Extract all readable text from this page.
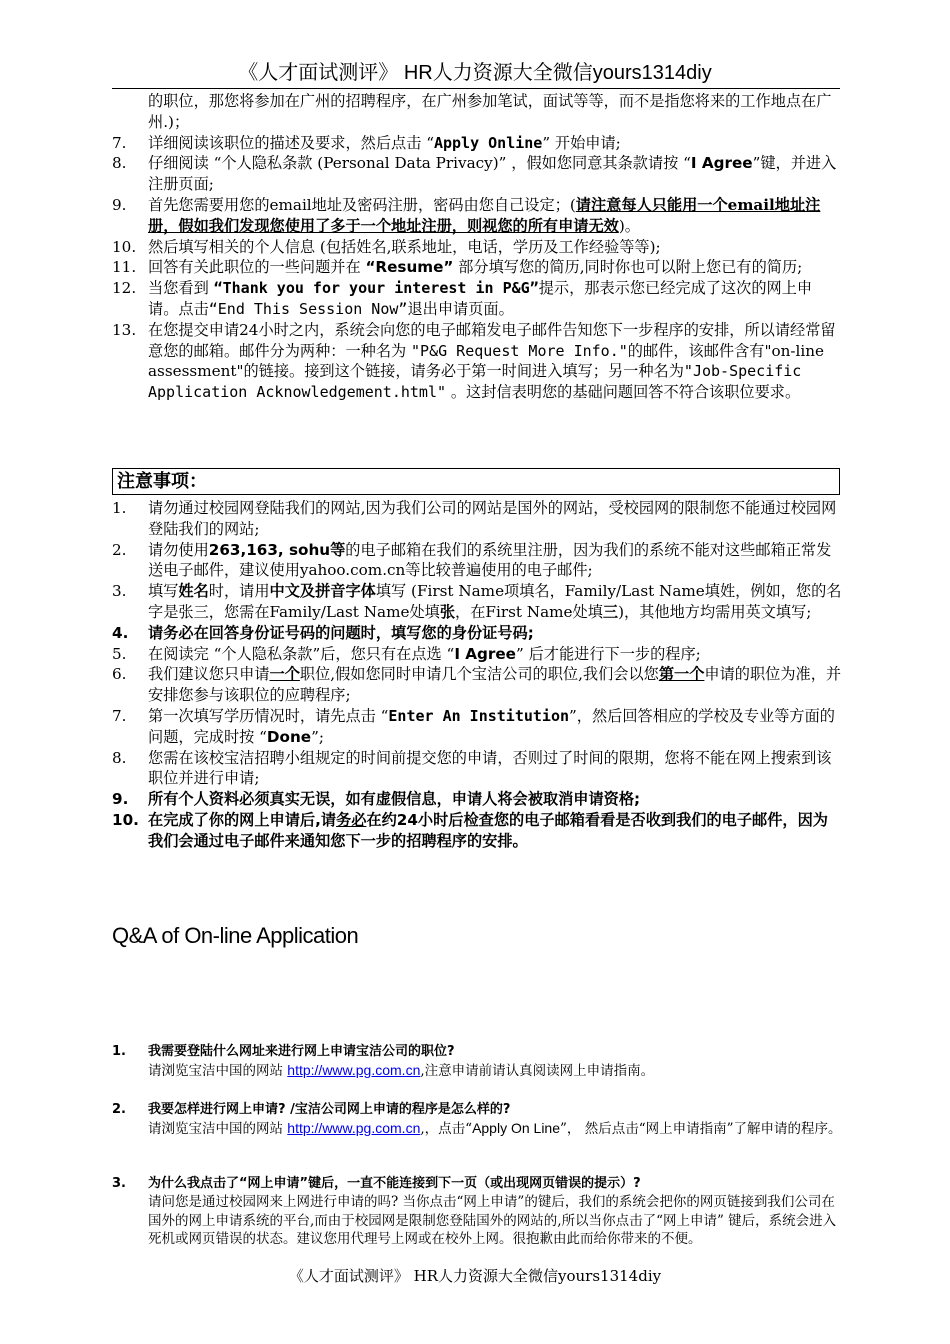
《人才面试测评》 HR人力资源大全微信yours1314diy
的职位，那您将参加在广州的招聘程序，在广州参加笔试，面试等等，而不是指您将来的工作地点在广州.)；
7. 详细阅读该职位的描述及要求，然后点击 “Apply Online” 开始申请;
8. 仔细阅读 “个人隐私条款 (Personal Data Privacy)” ，假如您同意其条款请按 “I Agree”键，并进入注册页面;
9. 首先您需要用您的email地址及密码注册，密码由您自己设定；(请注意每人只能用一个email地址注册，假如我们发现您使用了多于一个地址注册，则视您的所有申请无效)。
10. 然后填写相关的个人信息 (包括姓名,联系地址，电话，学历及工作经验等等);
11. 回答有关此职位的一些问题并在 “Resume” 部分填写您的简历,同时你也可以附上您已有的简历;
12. 当您看到 “Thank you for your interest in P&G”提示，那表示您已经完成了这次的网上申请。点击“End This Session Now”退出申请页面。
13. 在您提交申请24小时之内，系统会向您的电子邮箱发电子邮件告知您下一步程序的安排，所以请经常留意您的邮箱。邮件分为两种：一种名为 "P&G Request More Info."的邮件，该邮件含有"on-line assessment"的链接。接到这个链接，请务必于第一时间进入填写；另一种名为"Job-Specific Application Acknowledgement.html" 。这封信表明您的基础问题回答不符合该职位要求。
注意事项：
1. 请勿通过校园网登陆我们的网站,因为我们公司的网站是国外的网站，受校园网的限制您不能通过校园网登陆我们的网站;
2. 请勿使用263,163, sohu等的电子邮箱在我们的系统里注册，因为我们的系统不能对这些邮箱正常发送电子邮件，建议使用yahoo.com.cn等比较普遍使用的电子邮件;
3. 填写姓名时，请用中文及拼音字体填写 (First Name项填名，Family/Last Name填姓，例如，您的名字是张三，您需在Family/Last Name处填张，在First Name处填三)，其他地方均需用英文填写;
4. 请务必在回答身份证号码的问题时，填写您的身份证号码;
5. 在阅读完 “个人隐私条款”后，您只有在点选 “I Agree” 后才能进行下一步的程序;
6. 我们建议您只申请一个职位,假如您同时申请几个宝洁公司的职位,我们会以您第一个申请的职位为准，并安排您参与该职位的应聘程序;
7. 第一次填写学历情况时，请先点击 “Enter An Institution”，然后回答相应的学校及专业等方面的问题，完成时按 “Done”;
8. 您需在该校宝洁招聘小组规定的时间前提交您的申请，否则过了时间的限期，您将不能在网上搜索到该职位并进行申请;
9. 所有个人资料必须真实无误，如有虚假信息，申请人将会被取消申请资格;
10. 在完成了你的网上申请后,请务必在约24小时后检查您的电子邮箱看看是否收到我们的电子邮件，因为我们会通过电子邮件来通知您下一步的招聘程序的安排。
Q&A of On-line Application
1. 我需要登陆什么网址来进行网上申请宝洁公司的职位?
请浏览宝洁中国的网站 http://www.pg.com.cn,注意申请前请认真阅读网上申请指南。
2. 我要怎样进行网上申请? /宝洁公司网上申请的程序是怎么样的?
请浏览宝洁中国的网站 http://www.pg.com.cn,，点击“Apply On Line”， 然后点击“网上申请指南”了解申请的程序。
3. 为什么我点击了“网上申请”键后，一直不能连接到下一页（或出现网页错误的提示）?
请问您是通过校园网来上网进行申请的吗? 当你点击“网上申请”的键后，我们的系统会把你的网页链接到我们公司在国外的网上申请系统的平台,而由于校园网是限制您登陆国外的网站的,所以当你点击了“网上申请” 键后，系统会进入死机或网页错误的状态。建议您用代理号上网或在校外上网。很抱歉由此而给你带来的不便。
《人才面试测评》 HR人力资源大全微信yours1314diy
